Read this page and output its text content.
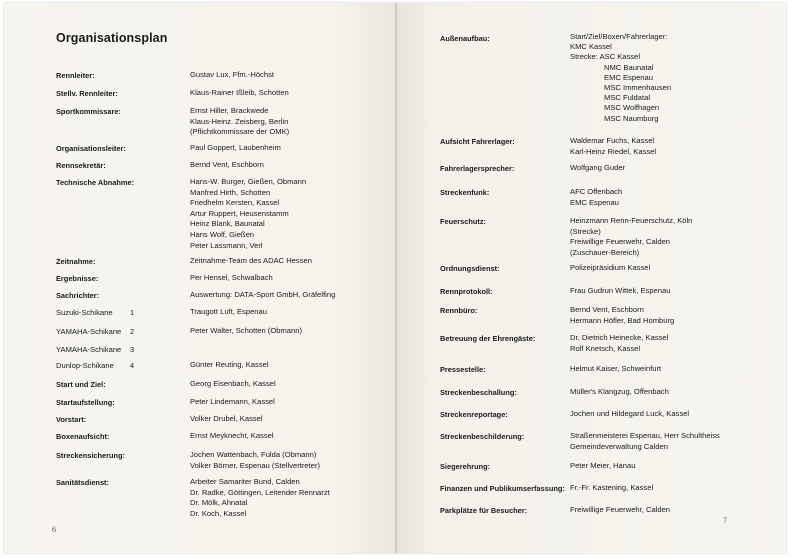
Organisationsplan
Rennleiter:	Gustav Lux, Ffm.-Höchst
Stellv. Rennleiter:	Klaus-Rainer Ißleib, Schotten
Sportkommissare:	Ernst Hiller, Brackwede
Klaus-Heinz. Zeisberg, Berlin
(Pflichtkommissare der OMK)
Organisationsleiter:	Paul Goppert, Laubenheim
Rennsekretär:	Bernd Vent, Eschborn
Technische Abnahme:	Hans-W. Burger, Gießen, Obmann
Manfred Hirth, Schotten
Friedhelm Kersten, Kassel
Artur Ruppert, Heusenstamm
Heinz Blank, Baunatal
Hans Wolf, Gießen
Peter Lassmann, Verl
Zeitnahme:	Zeitnahme-Team des ADAC Hessen
Ergebnisse:	Per Hensel, Schwalbach
Sachrichter:	Auswertung: DATA-Sport GmbH, Gräfelfing
Suzuki-Schikane 1	Traugott Luft, Espenau
YAMAHA-Schikane 2	Peter Walter, Schotten (Obmann)
YAMAHA-Schikane 3
Dunlop-Schikane 4	Günter Reuting, Kassel
Start und Ziel:	Georg Eisenbach, Kassel
Startaufstellung:	Peter Lindemann, Kassel
Vorstart:	Volker Drubel, Kassel
Boxenaufsicht:	Ernst Meyknecht, Kassel
Streckensicherung:	Jochen Wattenbach, Fulda (Obmann)
Volker Börner, Espenau (Stellvertreter)
Sanitätsdienst:	Arbeiter Samariter Bund, Calden
Dr. Radke, Göttingen, Leitender Rennarzt
Dr. Mölk, Ahnatal
Dr. Koch, Kassel
6
Außenaufbau:	Start/Ziel/Boxen/Fahrerlager:
KMC Kassel
Strecke: ASC Kassel
NMC Baunatal
EMC Espenau
MSC Immenhausen
MSC Fuldatal
MSC Wolfhagen
MSC Naumburg
Aufsicht Fahrerlager:	Waldemar Fuchs, Kassel
Karl-Heinz Riedel, Kassel
Fahrerlagersprecher:	Wolfgang Guder
Streckenfunk:	AFC Offenbach
EMC Espenau
Feuerschutz:	Heinzmann Renn-Feuerschutz, Köln
(Strecke)
Freiwillige Feuerwehr, Calden
(Zuschauer-Bereich)
Ordnungsdienst:	Polizeipräsidium Kassel
Rennprotokoll:	Frau Gudrun Wittek, Espenau
Rennbüro:	Bernd Vent, Eschborn
Hermann Höfler, Bad Homburg
Betreuung der Ehrengäste:	Dr. Dietrich Heinecke, Kassel
Rolf Knetsch, Kassel
Pressestelle:	Helmut Kaiser, Schweinfurt
Streckenbeschallung:	Müller's Klangzug, Offenbach
Streckenreportage:	Jochen und Hildegard Luck, Kassel
Streckenbeschilderung:	Straßenmeisterei Espenau, Herr Schultheiss
Gemeindeverwaltung Calden
Siegerehrung:	Peter Meier, Hanau
Finanzen und Publikumserfassung: Fr.-Fr. Kastening, Kassel
Parkplätze für Besucher:	Freiwillige Feuerwehr, Calden
7
